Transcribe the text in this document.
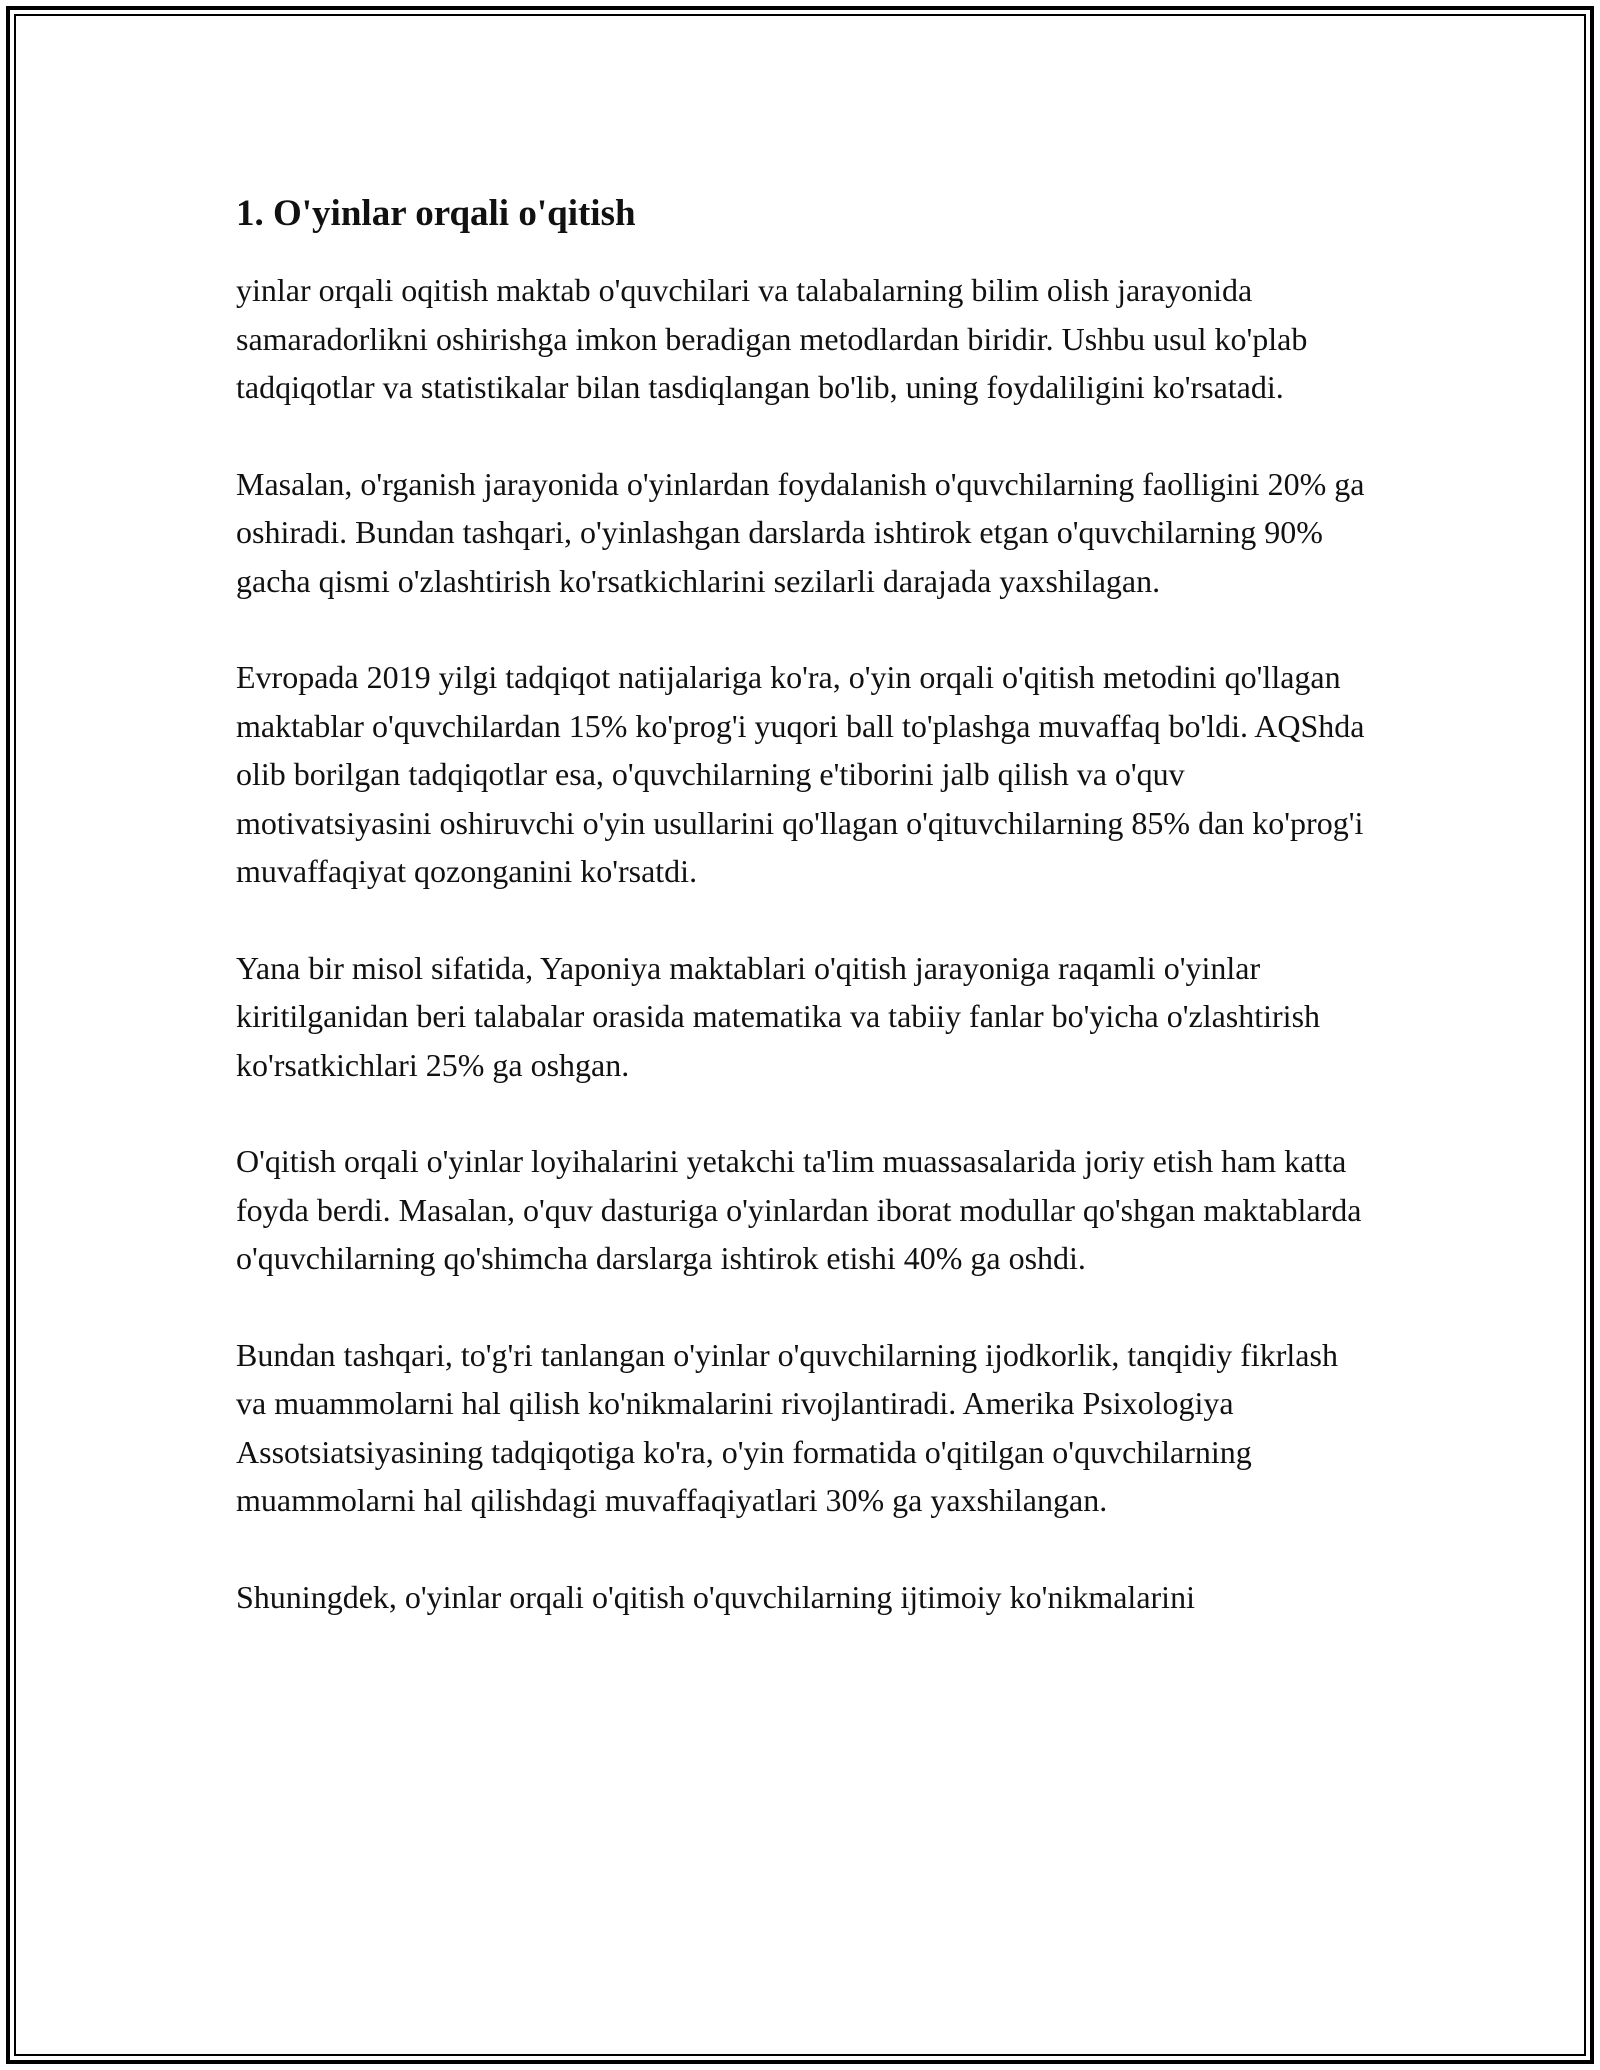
1. O'yinlar orqali o'qitish

yinlar orqali oqitish maktab o'quvchilari va talabalarning bilim olish jarayonida samaradorlikni oshirishga imkon beradigan metodlardan biridir. Ushbu usul ko'plab tadqiqotlar va statistikalar bilan tasdiqlangan bo'lib, uning foydaliligini ko'rsatadi.

Masalan, o'rganish jarayonida o'yinlardan foydalanish o'quvchilarning faolligini 20% ga oshiradi. Bundan tashqari, o'yinlashgan darslarda ishtirok etgan o'quvchilarning 90% gacha qismi o'zlashtirish ko'rsatkichlarini sezilarli darajada yaxshilagan.

Evropada 2019 yilgi tadqiqot natijalariga ko'ra, o'yin orqali o'qitish metodini qo'llagan maktablar o'quvchilardan 15% ko'prog'i yuqori ball to'plashga muvaffaq bo'ldi. AQShda olib borilgan tadqiqotlar esa, o'quvchilarning e'tiborini jalb qilish va o'quv motivatsiyasini oshiruvchi o'yin usullarini qo'llagan o'qituvchilarning 85% dan ko'prog'i muvaffaqiyat qozonganini ko'rsatdi.

Yana bir misol sifatida, Yaponiya maktablari o'qitish jarayoniga raqamli o'yinlar kiritilganidan beri talabalar orasida matematika va tabiiy fanlar bo'yicha o'zlashtirish ko'rsatkichlari 25% ga oshgan.

O'qitish orqali o'yinlar loyihalarini yetakchi ta'lim muassasalarida joriy etish ham katta foyda berdi. Masalan, o'quv dasturiga o'yinlardan iborat modullar qo'shgan maktablarda o'quvchilarning qo'shimcha darslarga ishtirok etishi 40% ga oshdi.

Bundan tashqari, to'g'ri tanlangan o'yinlar o'quvchilarning ijodkorlik, tanqidiy fikrlash va muammolarni hal qilish ko'nikmalarini rivojlantiradi. Amerika Psixologiya Assotsiatsiyasining tadqiqotiga ko'ra, o'yin formatida o'qitilgan o'quvchilarning muammolarni hal qilishdagi muvaffaqiyatlari 30% ga yaxshilangan.

Shuningdek, o'yinlar orqali o'qitish o'quvchilarning ijtimoiy ko'nikmalarini
